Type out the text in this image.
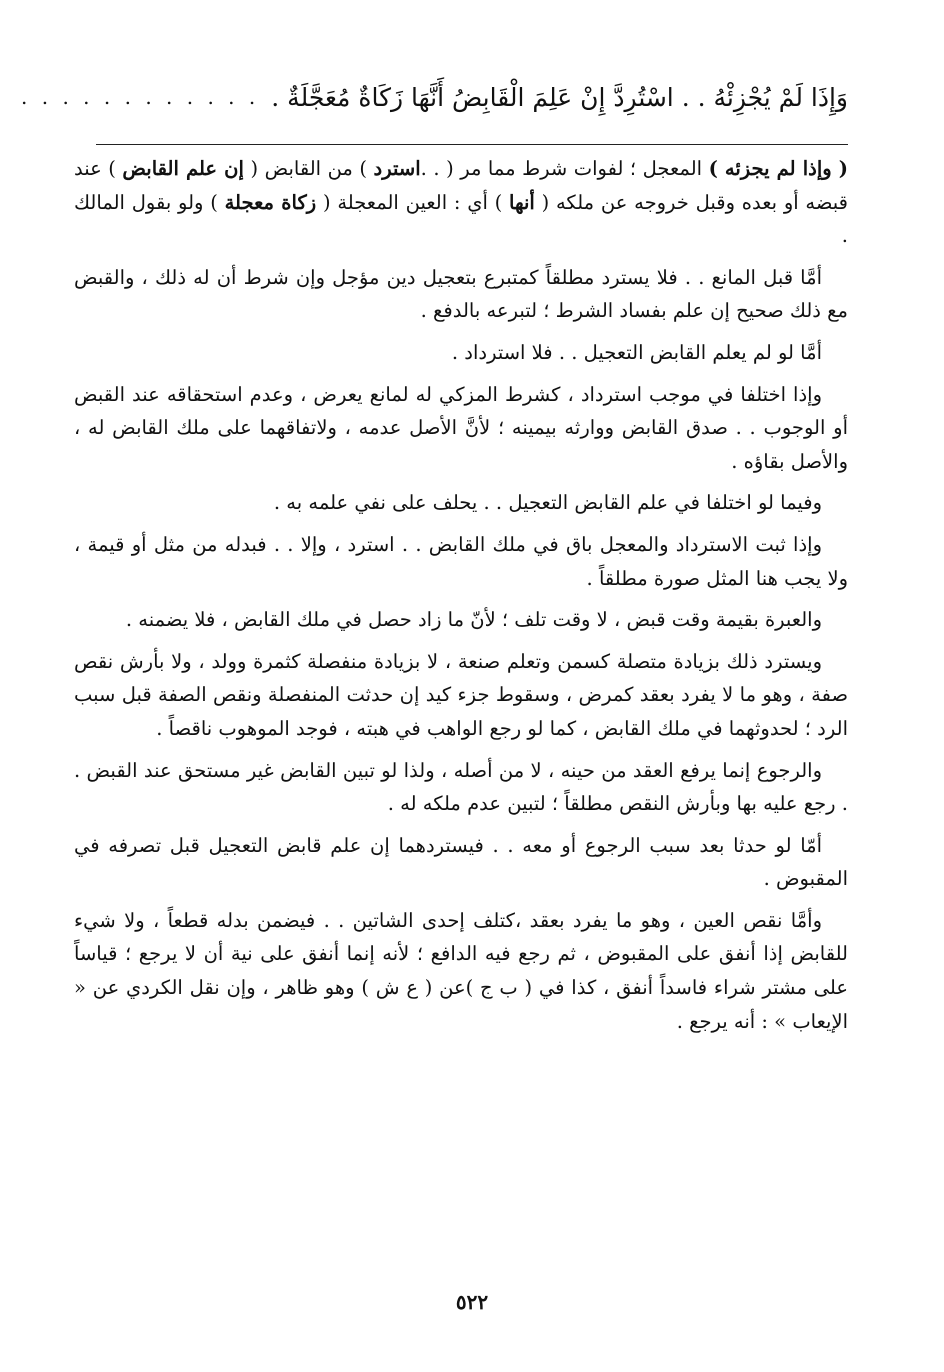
وَإِذَا لَمْ يُجْزِئْهُ . . اسْتُرِدَّ إِنْ عَلِمَ الْقَابِضُ أَنَّهَا زَكَاةٌ مُعَجَّلَةٌ .
. . . . . . . . . . . .

( وإذا لم يجزئه ) المعجل ؛ لفوات شرط مما مر ( . .استرد ) من القابض ( إن علم القابض ) عند قبضه أو بعده وقبل خروجه عن ملكه ( أنها ) أي : العين المعجلة ( زكاة معجلة ) ولو بقول المالك .

أمَّا قبل المانع . . فلا يسترد مطلقاً كمتبرع بتعجيل دين مؤجل وإن شرط أن له ذلك ، والقبض مع ذلك صحيح إن علم بفساد الشرط ؛ لتبرعه بالدفع .

أمَّا لو لم يعلم القابض التعجيل . . فلا استرداد .

وإذا اختلفا في موجب استرداد ، كشرط المزكي له لمانع يعرض ، وعدم استحقاقه عند القبض أو الوجوب . . صدق القابض ووارثه بيمينه ؛ لأنَّ الأصل عدمه ، ولاتفاقهما على ملك القابض له ، والأصل بقاؤه .

وفيما لو اختلفا في علم القابض التعجيل . . يحلف على نفي علمه به .

وإذا ثبت الاسترداد والمعجل باق في ملك القابض . . استرد ، وإلا . . فبدله من مثل أو قيمة ، ولا يجب هنا المثل صورة مطلقاً .

والعبرة بقيمة وقت قبض ، لا وقت تلف ؛ لأنّ ما زاد حصل في ملك القابض ، فلا يضمنه .

ويسترد ذلك بزيادة متصلة كسمن وتعلم صنعة ، لا بزيادة منفصلة كثمرة وولد ، ولا بأرش نقص صفة ، وهو ما لا يفرد بعقد كمرض ، وسقوط جزء كيد إن حدثت المنفصلة ونقص الصفة قبل سبب الرد ؛ لحدوثهما في ملك القابض ، كما لو رجع الواهب في هبته ، فوجد الموهوب ناقصاً .

والرجوع إنما يرفع العقد من حينه ، لا من أصله ، ولذا لو تبين القابض غير مستحق عند القبض . . رجع عليه بها وبأرش النقص مطلقاً ؛ لتبين عدم ملكه له .

أمّا لو حدثا بعد سبب الرجوع أو معه . . فيستردهما إن علم قابض التعجيل قبل تصرفه في المقبوض .

وأمَّا نقص العين ، وهو ما يفرد بعقد ،كتلف إحدى الشاتين . . فيضمن بدله قطعاً ، ولا شيء للقابض إذا أنفق على المقبوض ، ثم رجع فيه الدافع ؛ لأنه إنما أنفق على نية أن لا يرجع ؛ قياساً على مشتر شراء فاسداً أنفق ، كذا في ( ب ج )عن ( ع ش ) وهو ظاهر ، وإن نقل الكردي عن « الإيعاب » : أنه يرجع .

٥٢٢
